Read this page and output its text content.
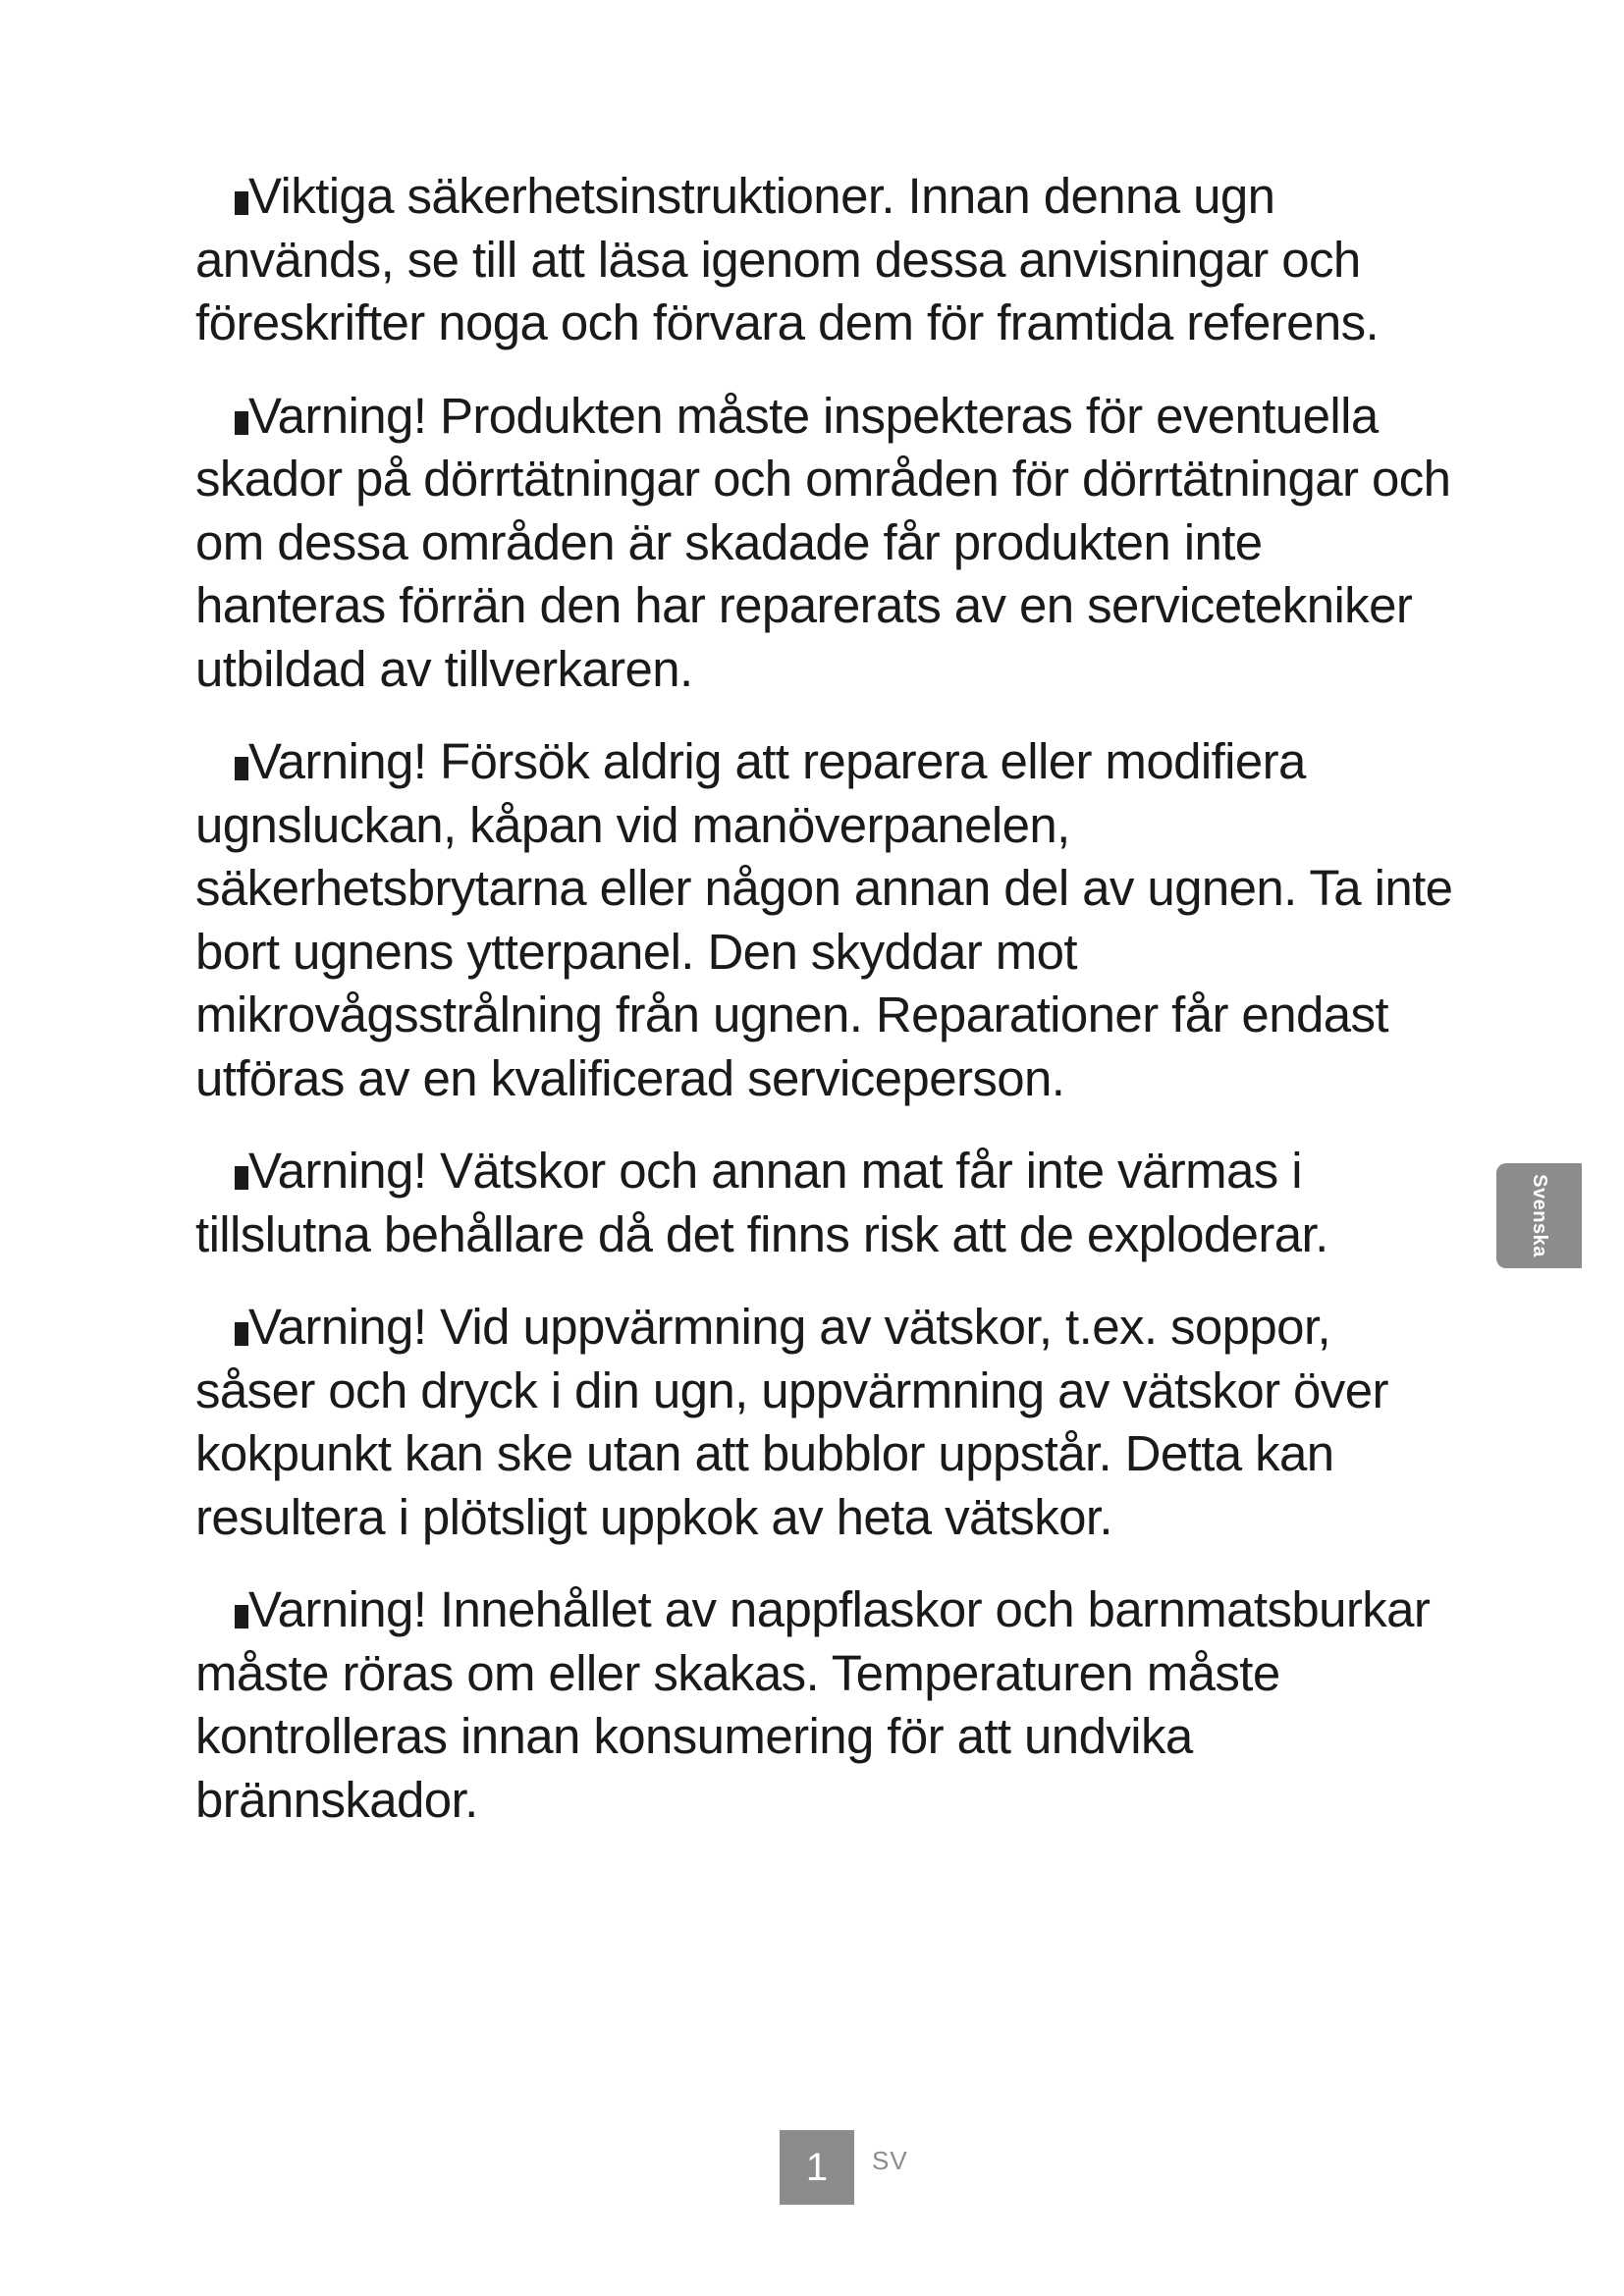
Viktiga säkerhetsinstruktioner. Innan denna ugn används, se till att läsa igenom dessa anvisningar och föreskrifter noga och förvara dem för framtida referens.

Varning! Produkten måste inspekteras för eventuella skador på dörrtätningar och områden för dörrtätningar och om dessa områden är skadade får produkten inte hanteras förrän den har reparerats av en servicetekniker utbildad av tillverkaren.

Varning! Försök aldrig att reparera eller modifiera ugnsluckan, kåpan vid manöverpanelen, säkerhetsbrytarna eller någon annan del av ugnen. Ta inte bort ugnens ytterpanel. Den skyddar mot mikrovågsstrålning från ugnen. Reparationer får endast utföras av en kvalificerad serviceperson.

Varning! Vätskor och annan mat får inte värmas i tillslutna behållare då det finns risk att de exploderar.

Varning! Vid uppvärmning av vätskor, t.ex. soppor, såser och dryck i din ugn, uppvärmning av vätskor över kokpunkt kan ske utan att bubblor uppstår. Detta kan resultera i plötsligt uppkok av heta vätskor.

Varning! Innehållet av nappflaskor och barnmatsburkar måste röras om eller skakas. Temperaturen måste kontrolleras innan konsumering för att undvika brännskador.

Svenska
1	SV
